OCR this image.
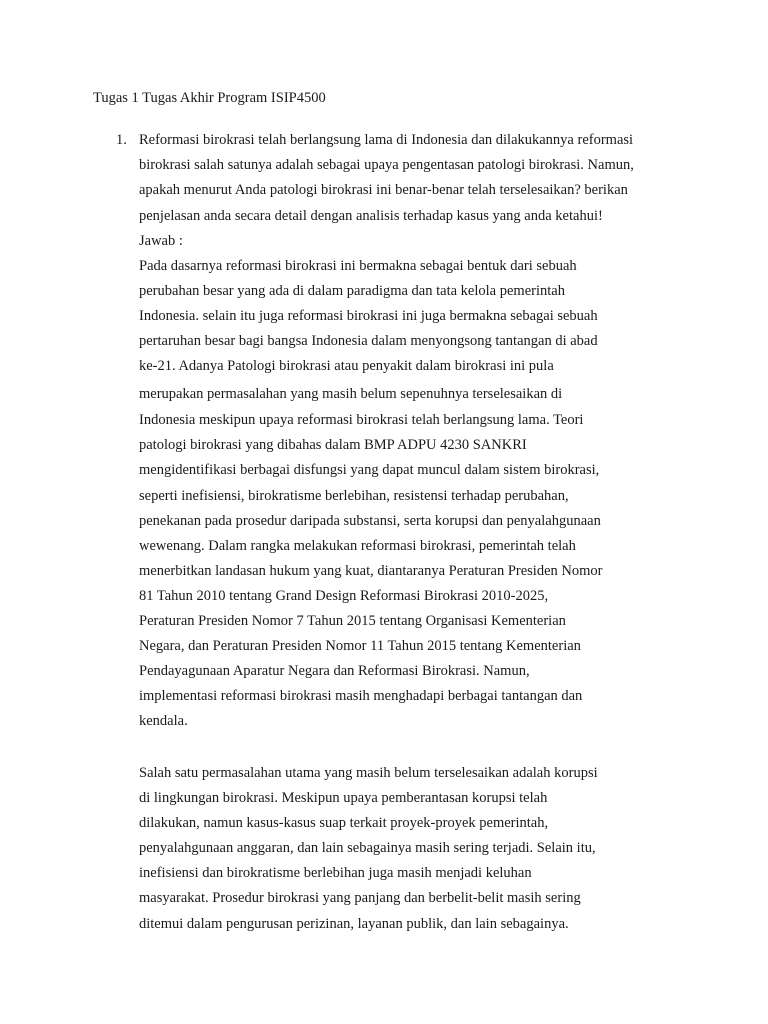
Tugas 1 Tugas Akhir Program ISIP4500
1. Reformasi birokrasi telah berlangsung lama di Indonesia dan dilakukannya reformasi
birokrasi salah satunya adalah sebagai upaya pengentasan patologi birokrasi. Namun,
apakah menurut Anda patologi birokrasi ini benar-benar telah terselesaikan? berikan
penjelasan anda secara detail dengan analisis terhadap kasus yang anda ketahui!
Jawab :
Pada dasarnya reformasi birokrasi ini bermakna sebagai bentuk dari sebuah
perubahan besar yang ada di dalam paradigma dan tata kelola pemerintah
Indonesia. selain itu juga reformasi birokrasi ini juga bermakna sebagai sebuah
pertaruhan besar bagi bangsa Indonesia dalam menyongsong tantangan di abad
ke-21. Adanya Patologi birokrasi atau penyakit dalam birokrasi ini pula
merupakan permasalahan yang masih belum sepenuhnya terselesaikan di
Indonesia meskipun upaya reformasi birokrasi telah berlangsung lama. Teori
patologi birokrasi yang dibahas dalam BMP ADPU 4230 SANKRI
mengidentifikasi berbagai disfungsi yang dapat muncul dalam sistem birokrasi,
seperti inefisiensi, birokratisme berlebihan, resistensi terhadap perubahan,
penekanan pada prosedur daripada substansi, serta korupsi dan penyalahgunaan
wewenang. Dalam rangka melakukan reformasi birokrasi, pemerintah telah
menerbitkan landasan hukum yang kuat, diantaranya Peraturan Presiden Nomor
81 Tahun 2010 tentang Grand Design Reformasi Birokrasi 2010-2025,
Peraturan Presiden Nomor 7 Tahun 2015 tentang Organisasi Kementerian
Negara, dan Peraturan Presiden Nomor 11 Tahun 2015 tentang Kementerian
Pendayagunaan Aparatur Negara dan Reformasi Birokrasi. Namun,
implementasi reformasi birokrasi masih menghadapi berbagai tantangan dan
kendala.
Salah satu permasalahan utama yang masih belum terselesaikan adalah korupsi
di lingkungan birokrasi. Meskipun upaya pemberantasan korupsi telah
dilakukan, namun kasus-kasus suap terkait proyek-proyek pemerintah,
penyalahgunaan anggaran, dan lain sebagainya masih sering terjadi. Selain itu,
inefisiensi dan birokratisme berlebihan juga masih menjadi keluhan
masyarakat. Prosedur birokrasi yang panjang dan berbelit-belit masih sering
ditemui dalam pengurusan perizinan, layanan publik, dan lain sebagainya.
